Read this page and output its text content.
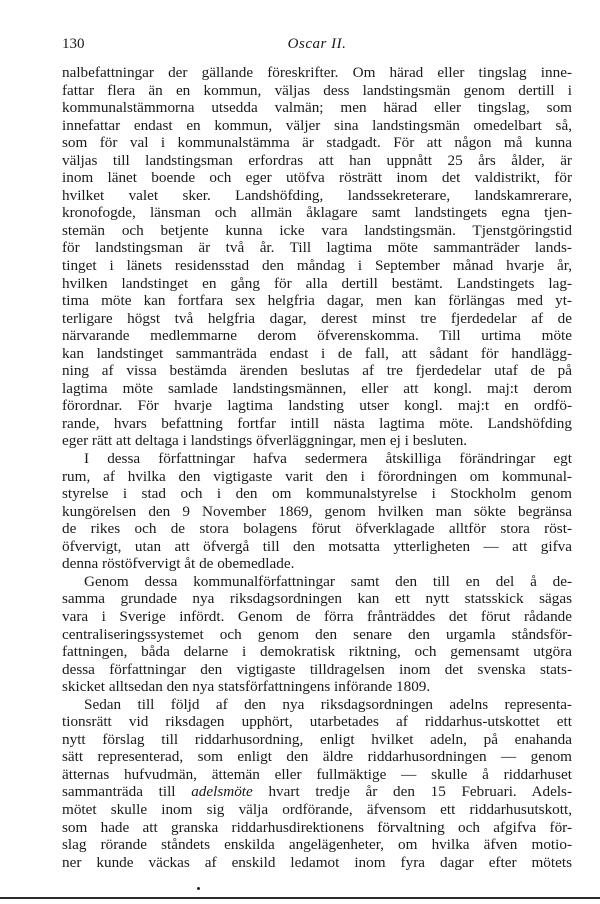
130	Oscar II.
nalbefattningar der gällande föreskrifter. Om härad eller tingslag inne-
fattar flera än en kommun, väljas dess landstingsmän genom dertill i
kommunalstämmorna utsedda valmän; men härad eller tingslag, som
innefattar endast en kommun, väljer sina landstingsmän omedelbart så,
som för val i kommunalstämma är stadgadt. För att någon må kunna
väljas till landstingsman erfordras att han uppnått 25 års ålder, är
inom länet boende och eger utöfva rösträtt inom det valdistrikt, för
hvilket valet sker. Landshöfding, landssekreterare, landskamrerare,
kronofogde, länsman och allmän åklagare samt landstingets egna tjen-
stemän och betjente kunna icke vara landstingsmän. Tjenstgöringstid
för landstingsman är två år. Till lagtima möte sammanträder lands-
tinget i länets residensstad den måndag i September månad hvarje år,
hvilken landstinget en gång för alla dertill bestämt. Landstingets lag-
tima möte kan fortfara sex helgfria dagar, men kan förlängas med yt-
terligare högst två helgfria dagar, derest minst tre fjerdedelar af de
närvarande medlemmarne derom öfverenskomma. Till urtima möte
kan landstinget sammanträda endast i de fall, att sådant för handlägg-
ning af vissa bestämda ärenden beslutas af tre fjerdedelar utaf de på
lagtima möte samlade landstingsmännen, eller att kongl. maj:t derom
förordnar. För hvarje lagtima landsting utser kongl. maj:t en ordfö-
rande, hvars befattning fortfar intill nästa lagtima möte. Landshöfding
eger rätt att deltaga i landstings öfverläggningar, men ej i besluten.
I dessa författningar hafva sedermera åtskilliga förändringar egt
rum, af hvilka den vigtigaste varit den i förordningen om kommunal-
styrelse i stad och i den om kommunalstyrelse i Stockholm genom
kungörelsen den 9 November 1869, genom hvilken man sökte begränsa
de rikes och de stora bolagens förut öfverklagade alltför stora röst-
öfvervigt, utan att öfvergå till den motsatta ytterligheten — att gifva
denna röstöfvervigt åt de obemedlade.
Genom dessa kommunalförfattningar samt den till en del å de-
samma grundade nya riksdagsordningen kan ett nytt statsskick sägas
vara i Sverige infördt. Genom de förra frånträddes det förut rådande
centraliseringssystemet och genom den senare den urgamla ståndsför-
fattningen, båda delarne i demokratisk riktning, och gemensamt utgöra
dessa författningar den vigtigaste tilldragelsen inom det svenska stats-
skicket alltsedan den nya statsförfattningens införande 1809.
Sedan till följd af den nya riksdagsordningen adelns representa-
tionsrätt vid riksdagen upphört, utarbetades af riddarhus-utskottet ett
nytt förslag till riddarhusordning, enligt hvilket adeln, på enahanda
sätt representerad, som enligt den äldre riddarhusordningen — genom
ätternas hufvudmän, ättemän eller fullmäktige — skulle å riddarhuset
sammanträda till adelsmöte hvart tredje år den 15 Februari. Adels-
mötet skulle inom sig välja ordförande, äfvensom ett riddarhusutskott,
som hade att granska riddarhusdirektionens förvaltning och afgifva för-
slag rörande ståndets enskilda angelägenheter, om hvilka äfven motio-
ner kunde väckas af enskild ledamot inom fyra dagar efter mötets
